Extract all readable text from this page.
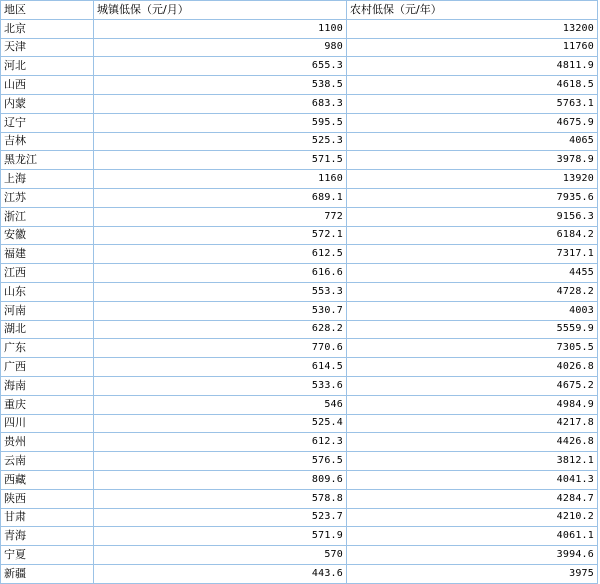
地区	城镇低保（元/月）	农村低保（元/年）
北京	1100	13200
天津	980	11760
河北	655.3	4811.9
山西	538.5	4618.5
内蒙	683.3	5763.1
辽宁	595.5	4675.9
吉林	525.3	4065
黑龙江	571.5	3978.9
上海	1160	13920
江苏	689.1	7935.6
浙江	772	9156.3
安徽	572.1	6184.2
福建	612.5	7317.1
江西	616.6	4455
山东	553.3	4728.2
河南	530.7	4003
湖北	628.2	5559.9
广东	770.6	7305.5
广西	614.5	4026.8
海南	533.6	4675.2
重庆	546	4984.9
四川	525.4	4217.8
贵州	612.3	4426.8
云南	576.5	3812.1
西藏	809.6	4041.3
陕西	578.8	4284.7
甘肃	523.7	4210.2
青海	571.9	4061.1
宁夏	570	3994.6
新疆	443.6	3975
